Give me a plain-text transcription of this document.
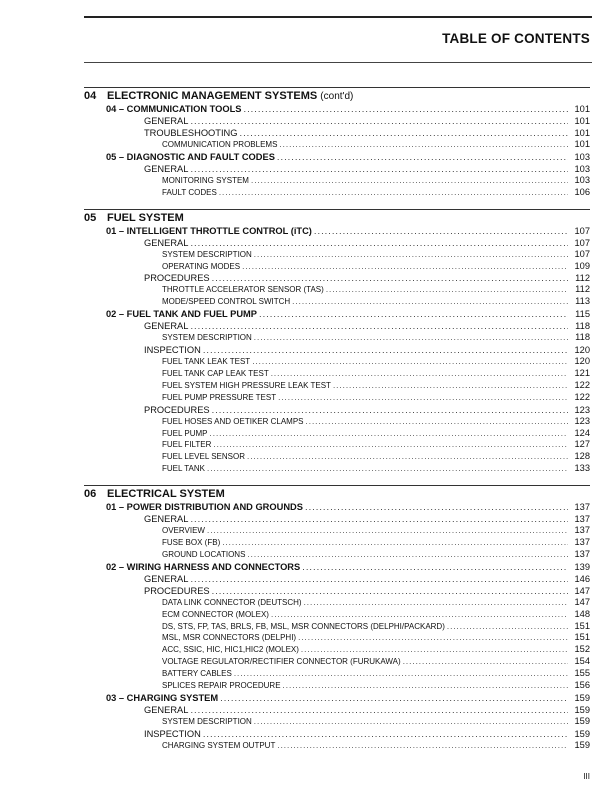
TABLE OF CONTENTS
04 ELECTRONIC MANAGEMENT SYSTEMS (cont'd)
04 – COMMUNICATION TOOLS .....	101
GENERAL .....	101
TROUBLESHOOTING .....	101
COMMUNICATION PROBLEMS .....	101
05 – DIAGNOSTIC AND FAULT CODES .....	103
GENERAL .....	103
MONITORING SYSTEM .....	103
FAULT CODES .....	106
05 FUEL SYSTEM
01 – INTELLIGENT THROTTLE CONTROL (iTC) .....	107
GENERAL .....	107
SYSTEM DESCRIPTION .....	107
OPERATING MODES .....	109
PROCEDURES .....	112
THROTTLE ACCELERATOR SENSOR (TAS) .....	112
MODE/SPEED CONTROL SWITCH .....	113
02 – FUEL TANK AND FUEL PUMP .....	115
GENERAL .....	118
SYSTEM DESCRIPTION .....	118
INSPECTION .....	120
FUEL TANK LEAK TEST .....	120
FUEL TANK CAP LEAK TEST .....	121
FUEL SYSTEM HIGH PRESSURE LEAK TEST .....	122
FUEL PUMP PRESSURE TEST .....	122
PROCEDURES .....	123
FUEL HOSES AND OETIKER CLAMPS .....	123
FUEL PUMP .....	124
FUEL FILTER .....	127
FUEL LEVEL SENSOR .....	128
FUEL TANK .....	133
06 ELECTRICAL SYSTEM
01 – POWER DISTRIBUTION AND GROUNDS .....	137
GENERAL .....	137
OVERVIEW .....	137
FUSE BOX (FB) .....	137
GROUND LOCATIONS .....	137
02 – WIRING HARNESS AND CONNECTORS .....	139
GENERAL .....	146
PROCEDURES .....	147
DATA LINK CONNECTOR (DEUTSCH) .....	147
ECM CONNECTOR (MOLEX) .....	148
DS, STS, FP, TAS, BRLS, FB, MSL, MSR CONNECTORS (DELPHI/PACKARD) .....	151
MSL, MSR CONNECTORS (DELPHI) .....	151
ACC, SSIC, HIC, HIC1,HIC2 (MOLEX) .....	152
VOLTAGE REGULATOR/RECTIFIER CONNECTOR (FURUKAWA) .....	154
BATTERY CABLES .....	155
SPLICES REPAIR PROCEDURE .....	156
03 – CHARGING SYSTEM .....	159
GENERAL .....	159
SYSTEM DESCRIPTION .....	159
INSPECTION .....	159
CHARGING SYSTEM OUTPUT .....	159
III
